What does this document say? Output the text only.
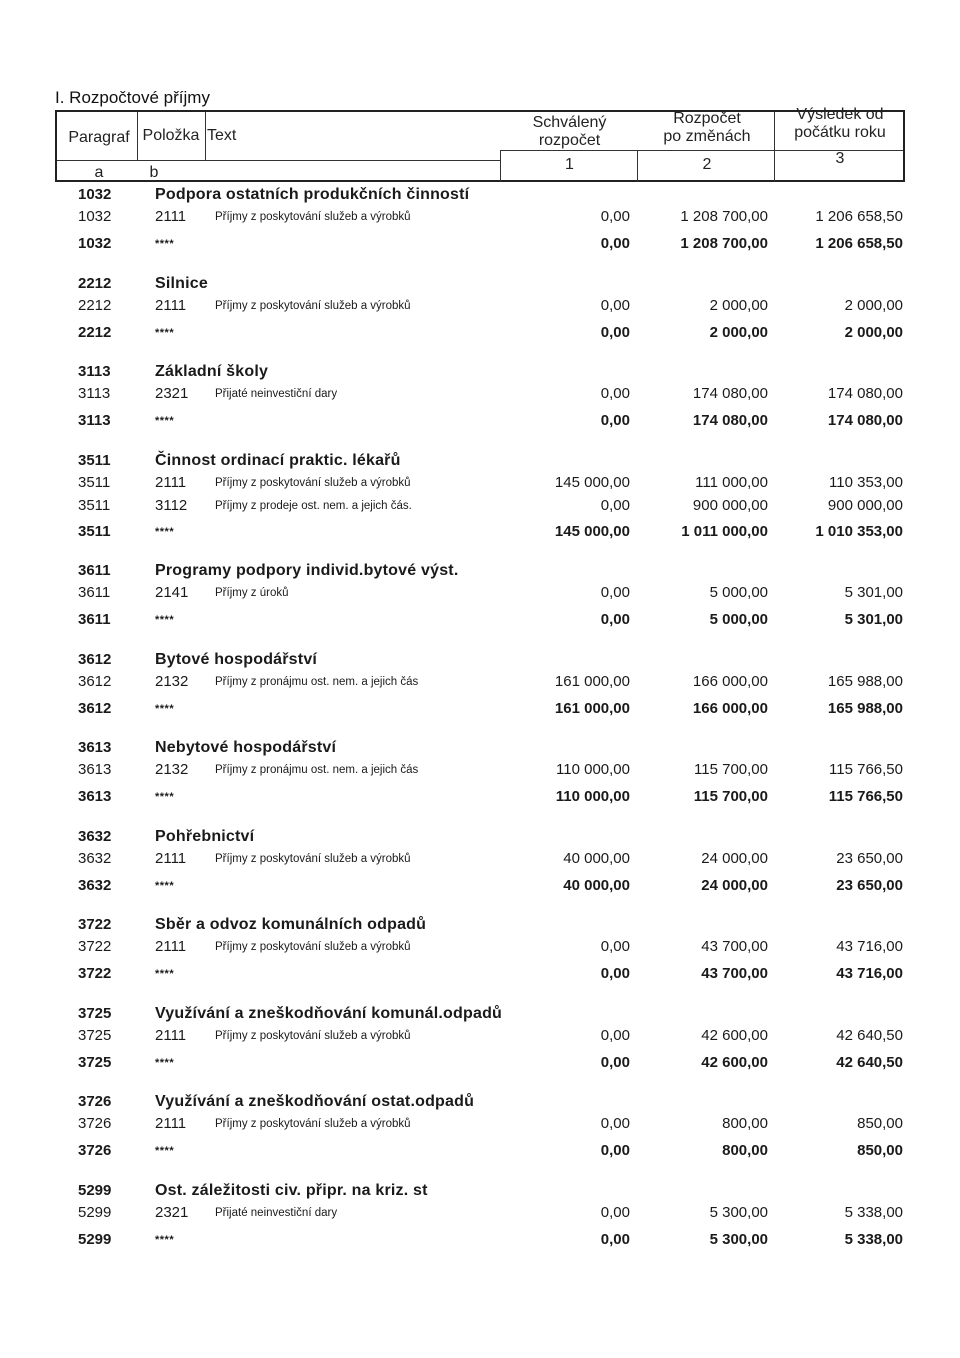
I. Rozpočtové příjmy
Paragraf Položka Text
Schválený
rozpočet
Rozpočet
po změnách
Výsledek od
počátku roku
a	b	1	2	3
1032	Podpora ostatních produkčních činností
1032	2111	Příjmy z poskytování služeb a výrobků	0,00	1 208 700,00	1 206 658,50
1032	****	0,00	1 208 700,00	1 206 658,50
2212	Silnice
2212	2111	Příjmy z poskytování služeb a výrobků	0,00	2 000,00	2 000,00
2212	****	0,00	2 000,00	2 000,00
3113	Základní školy
3113	2321	Přijaté neinvestiční dary	0,00	174 080,00	174 080,00
3113	****	0,00	174 080,00	174 080,00
3511	Činnost ordinací praktic. lékařů
3511	2111	Příjmy z poskytování služeb a výrobků	145 000,00	111 000,00	110 353,00
3511	3112	Příjmy z prodeje ost. nem. a jejich čás.	0,00	900 000,00	900 000,00
3511	****	145 000,00	1 011 000,00	1 010 353,00
3611	Programy podpory individ.bytové výst.
3611	2141	Příjmy z úroků	0,00	5 000,00	5 301,00
3611	****	0,00	5 000,00	5 301,00
3612	Bytové hospodářství
3612	2132	Příjmy z pronájmu ost. nem. a jejich čás	161 000,00	166 000,00	165 988,00
3612	****	161 000,00	166 000,00	165 988,00
3613	Nebytové hospodářství
3613	2132	Příjmy z pronájmu ost. nem. a jejich čás	110 000,00	115 700,00	115 766,50
3613	****	110 000,00	115 700,00	115 766,50
3632	Pohřebnictví
3632	2111	Příjmy z poskytování služeb a výrobků	40 000,00	24 000,00	23 650,00
3632	****	40 000,00	24 000,00	23 650,00
3722	Sběr a odvoz komunálních odpadů
3722	2111	Příjmy z poskytování služeb a výrobků	0,00	43 700,00	43 716,00
3722	****	0,00	43 700,00	43 716,00
3725	Využívání a zneškodňování komunál.odpadů
3725	2111	Příjmy z poskytování služeb a výrobků	0,00	42 600,00	42 640,50
3725	****	0,00	42 600,00	42 640,50
3726	Využívání a zneškodňování ostat.odpadů
3726	2111	Příjmy z poskytování služeb a výrobků	0,00	800,00	850,00
3726	****	0,00	800,00	850,00
5299	Ost. záležitosti civ. připr. na kriz. st
5299	2321	Přijaté neinvestiční dary	0,00	5 300,00	5 338,00
5299	****	0,00	5 300,00	5 338,00
